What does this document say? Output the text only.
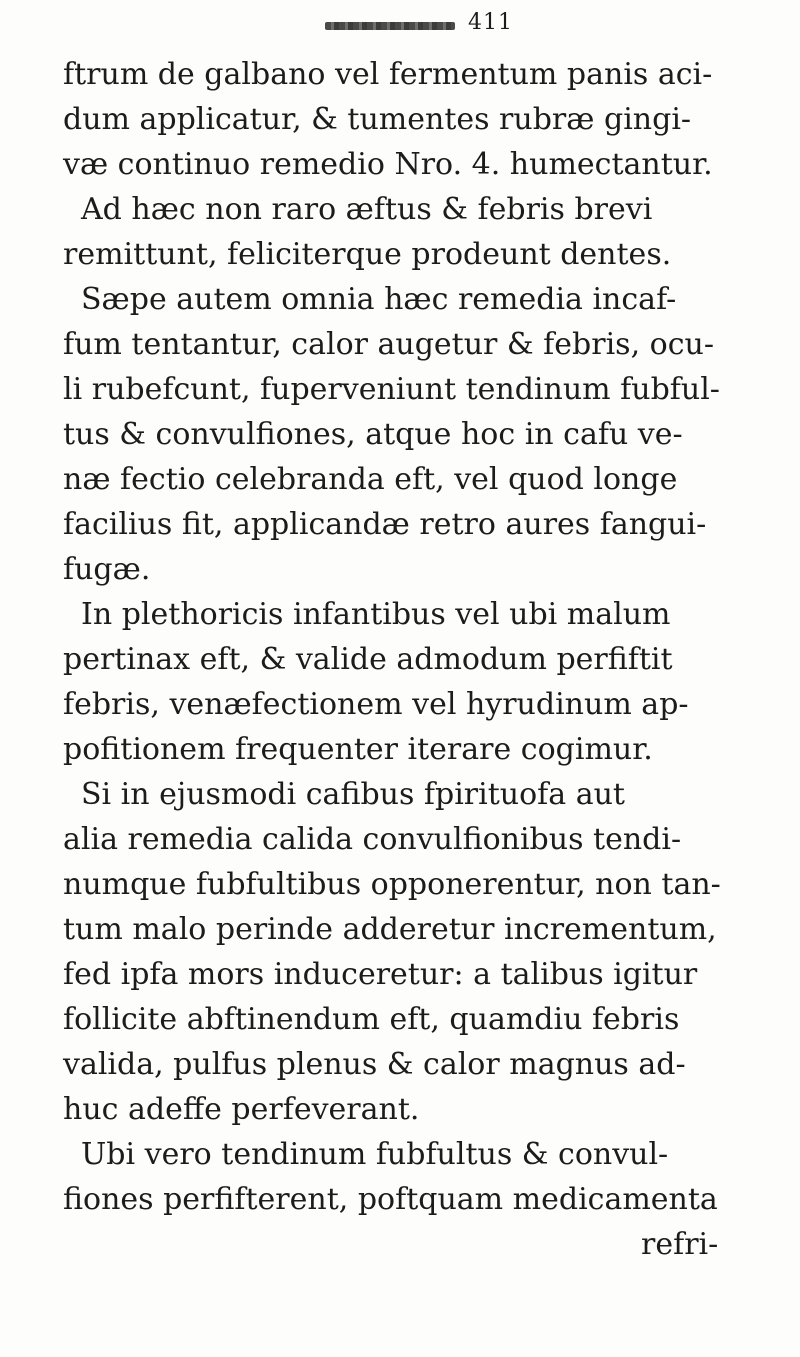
411
ftrum de galbano vel fermentum panis aci-
dum applicatur, & tumentes rubræ gingi-
væ continuo remedio Nro. 4. humectantur.
Ad hæc non raro æftus & febris brevi
remittunt, feliciterque prodeunt dentes.
Sæpe autem omnia hæc remedia incaf-
fum tentantur, calor augetur & febris, ocu-
li rubefcunt, fuperveniunt tendinum fubful-
tus & convulfiones, atque hoc in cafu ve-
næ fectio celebranda eft, vel quod longe
facilius fit, applicandæ retro aures fangui-
fugæ.
In plethoricis infantibus vel ubi malum
pertinax eft, & valide admodum perfiftit
febris, venæfectionem vel hyrudinum ap-
pofitionem frequenter iterare cogimur.
Si in ejusmodi cafibus fpirituofa aut
alia remedia calida convulfionibus tendi-
numque fubfultibus opponerentur, non tan-
tum malo perinde adderetur incrementum,
fed ipfa mors induceretur: a talibus igitur
follicite abftinendum eft, quamdiu febris
valida, pulfus plenus & calor magnus ad-
huc adeffe perfeverant.
Ubi vero tendinum fubfultus & convul-
fiones perfifterent, poftquam medicamenta
refri-
